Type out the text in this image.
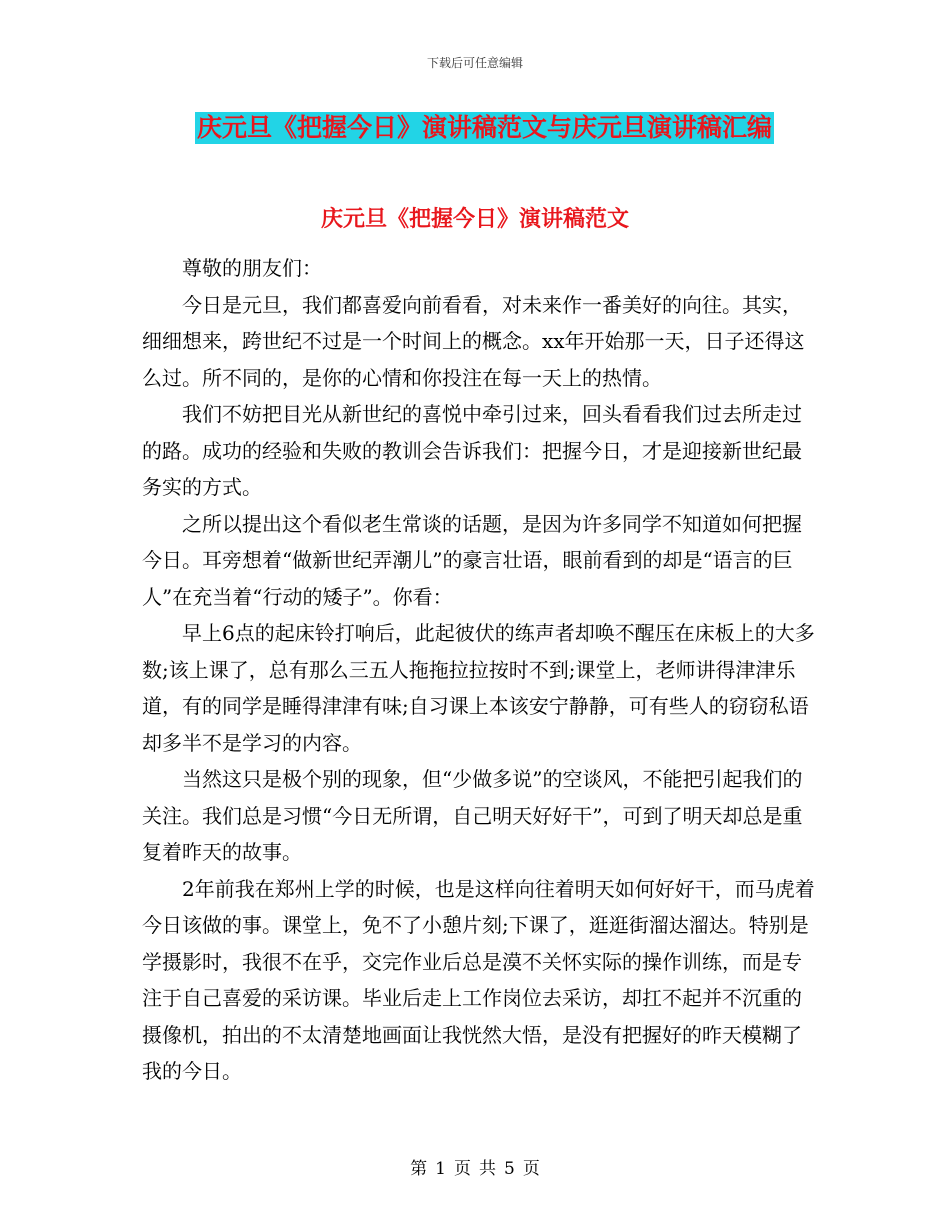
下载后可任意编辑
庆元旦《把握今日》演讲稿范文与庆元旦演讲稿汇编
庆元旦《把握今日》演讲稿范文

尊敬的朋友们：

今日是元旦，我们都喜爱向前看看，对未来作一番美好的向往。其实，细细想来，跨世纪不过是一个时间上的概念。xx年开始那一天，日子还得这么过。所不同的，是你的心情和你投注在每一天上的热情。

我们不妨把目光从新世纪的喜悦中牵引过来，回头看看我们过去所走过的路。成功的经验和失败的教训会告诉我们：把握今日，才是迎接新世纪最务实的方式。

之所以提出这个看似老生常谈的话题，是因为许多同学不知道如何把握今日。耳旁想着“做新世纪弄潮儿”的豪言壮语，眼前看到的却是“语言的巨人”在充当着“行动的矮子”。你看：

早上6点的起床铃打响后，此起彼伏的练声者却唤不醒压在床板上的大多数;该上课了，总有那么三五人拖拖拉拉按时不到;课堂上，老师讲得津津乐道，有的同学是睡得津津有味;自习课上本该安宁静静，可有些人的窃窃私语却多半不是学习的内容。

当然这只是极个别的现象，但“少做多说”的空谈风，不能把引起我们的关注。我们总是习惯“今日无所谓，自己明天好好干”，可到了明天却总是重复着昨天的故事。

2年前我在郑州上学的时候，也是这样向往着明天如何好好干，而马虎着今日该做的事。课堂上，免不了小憩片刻;下课了，逛逛街溜达溜达。特别是学摄影时，我很不在乎，交完作业后总是漠不关怀实际的操作训练，而是专注于自己喜爱的采访课。毕业后走上工作岗位去采访，却扛不起并不沉重的摄像机，拍出的不太清楚地画面让我恍然大悟，是没有把握好的昨天模糊了我的今日。

第 1 页 共 5 页
